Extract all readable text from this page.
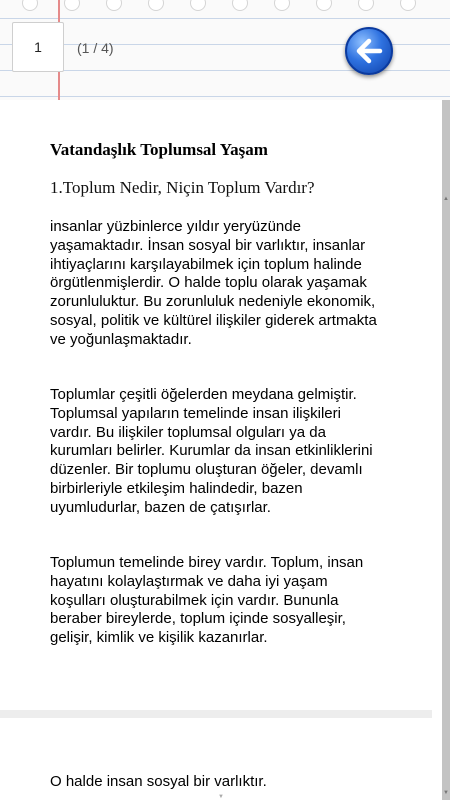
1	(1 / 4)
Vatandaşlık Toplumsal Yaşam
1.Toplum Nedir, Niçin Toplum Vardır?

insanlar yüzbinlerce yıldır yeryüzünde yaşamaktadır. İnsan sosyal bir varlıktır, insanlar ihtiyaçlarını karşılayabilmek için toplum halinde örgütlenmişlerdir. O halde toplu olarak yaşamak zorunluluktur. Bu zorunluluk nedeniyle ekonomik, sosyal, politik ve kültürel ilişkiler giderek artmakta ve yoğunlaşmaktadır.

Toplumlar çeşitli öğelerden meydana gelmiştir. Toplumsal yapıların temelinde insan ilişkileri vardır. Bu ilişkiler toplumsal olguları ya da kurumları belirler. Kurumlar da insan etkinliklerini düzenler. Bir toplumu oluşturan öğeler, devamlı birbirleriyle etkileşim halindedir, bazen uyumludurlar, bazen de çatışırlar.

Toplumun temelinde birey vardır. Toplum, insan hayatını kolaylaştırmak ve daha iyi yaşam koşulları oluşturabilmek için vardır. Bununla beraber bireylerde, toplum içinde sosyalleşir, gelişir, kimlik ve kişilik kazanırlar.

O halde insan sosyal bir varlıktır.
▲
▼
▼
